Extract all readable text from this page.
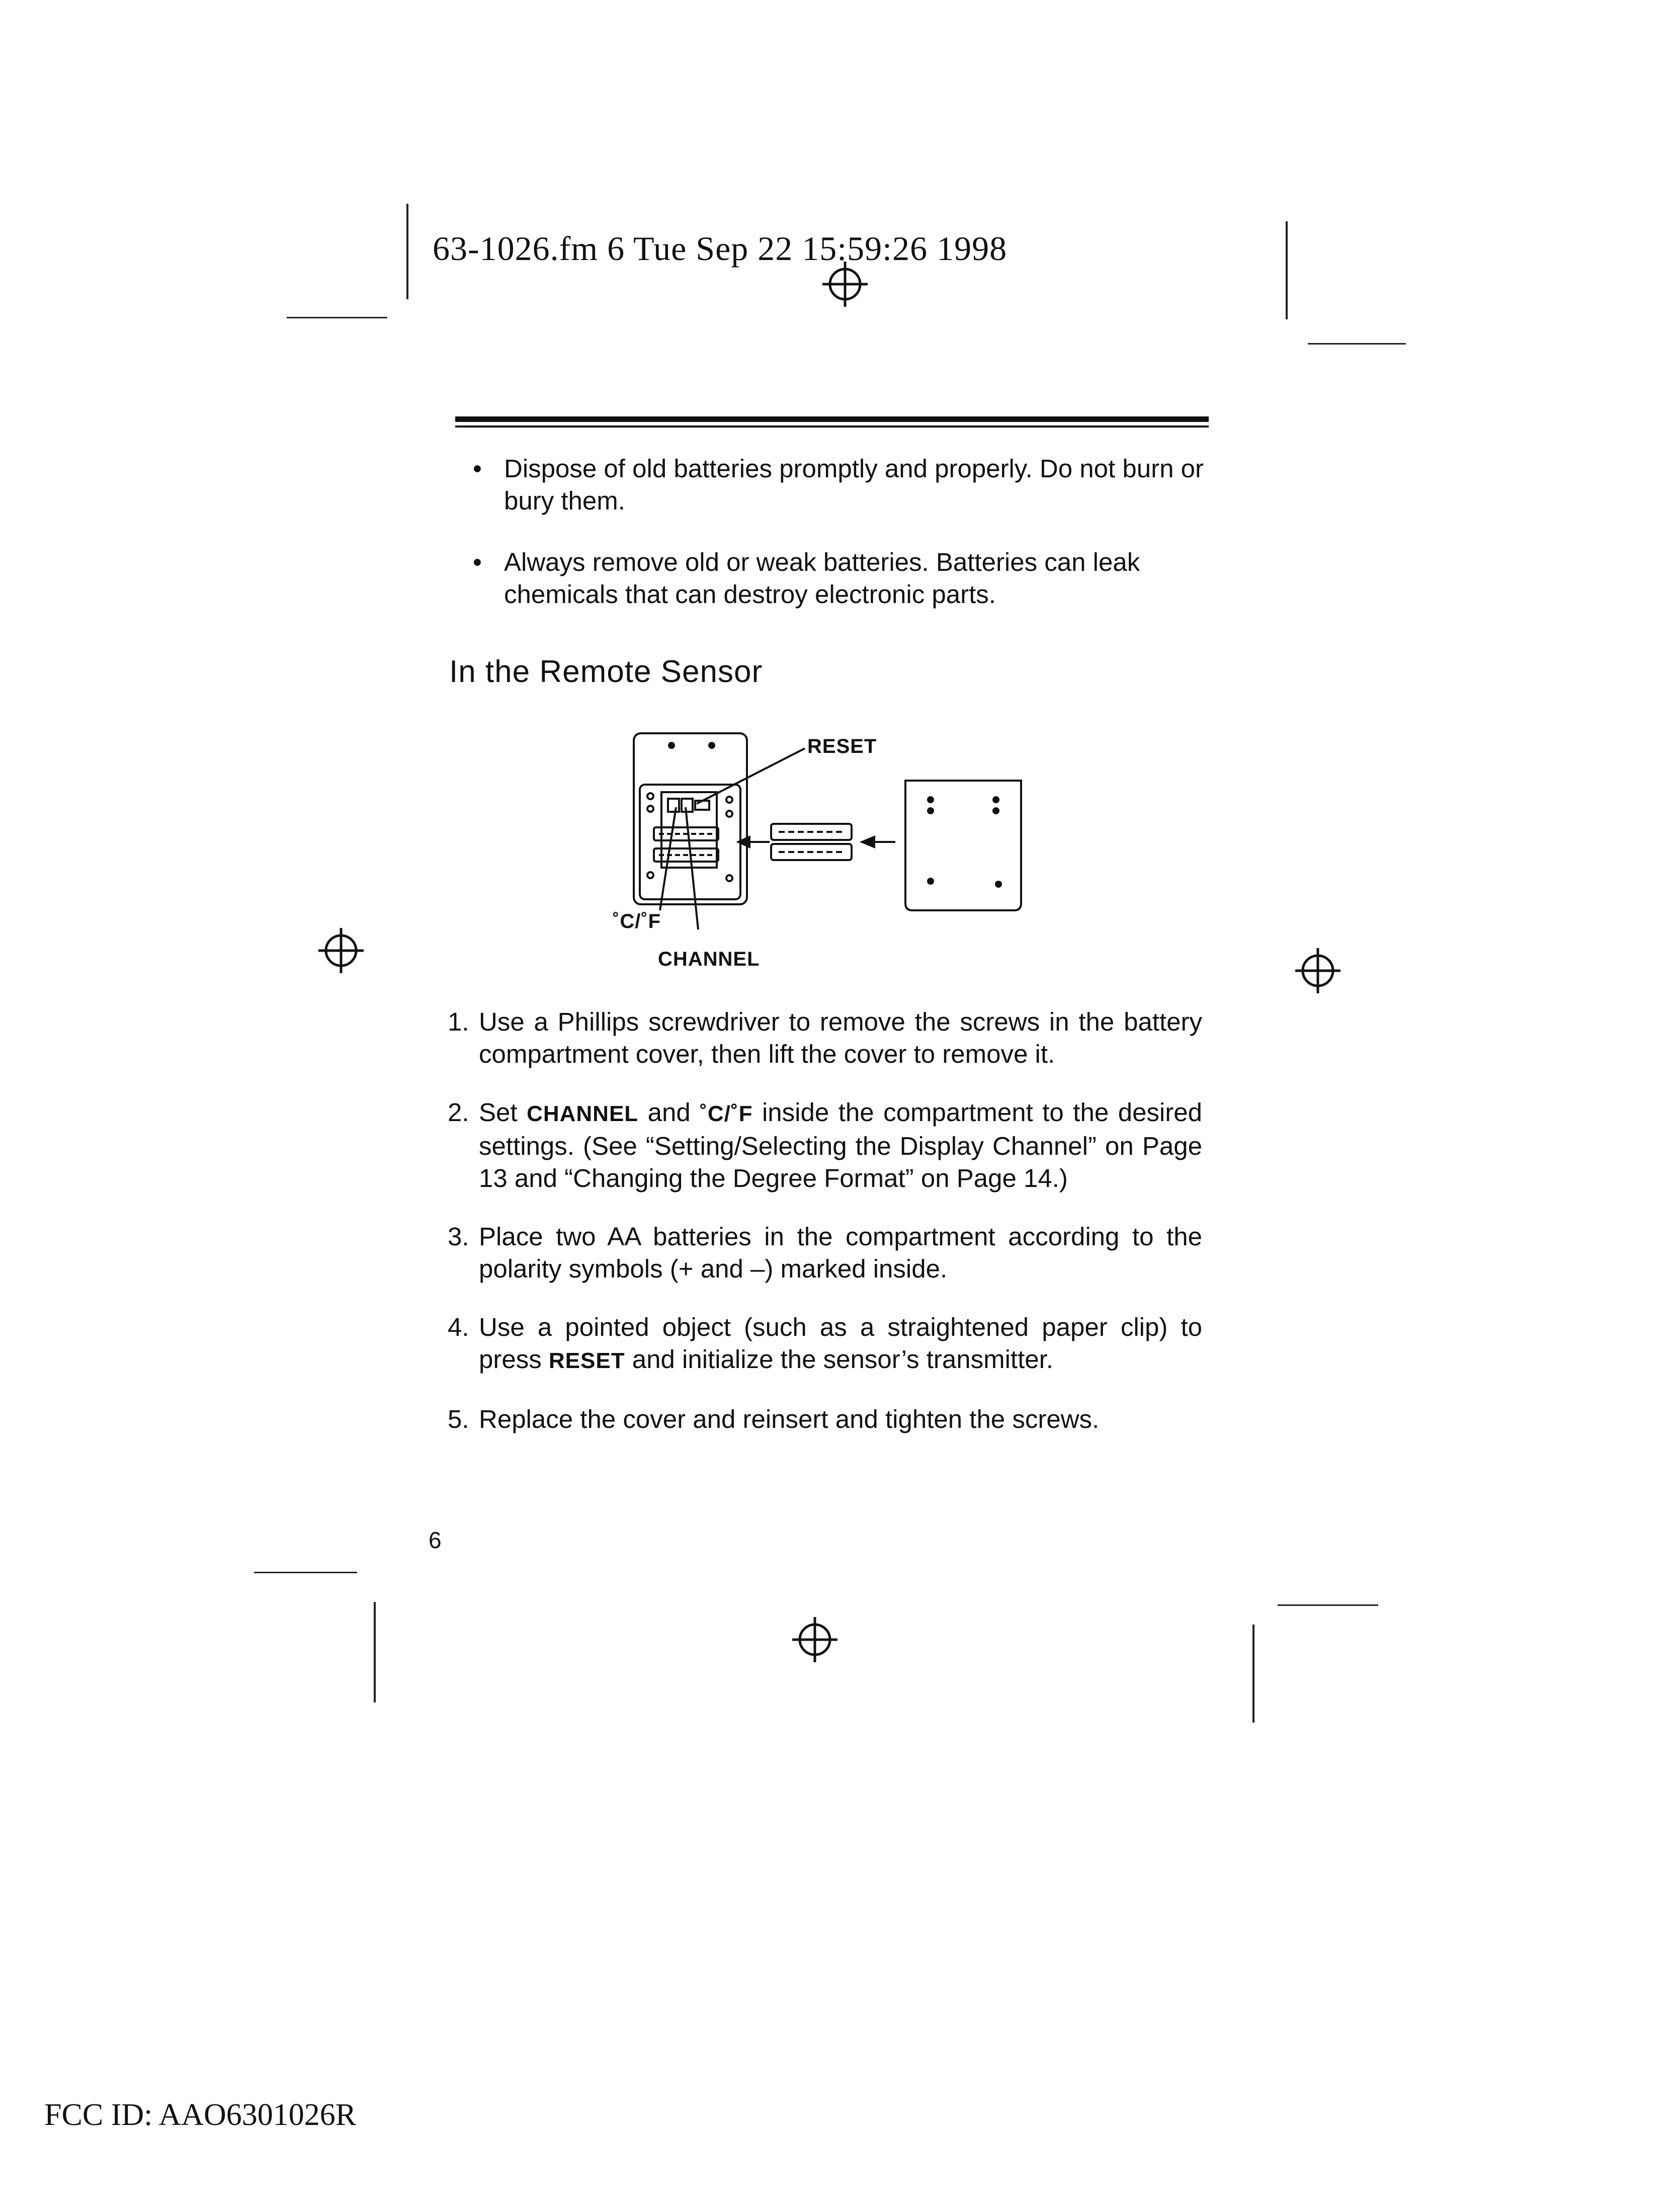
63-1026.fm 6 Tue Sep 22 15:59:26 1998
• Dispose of old batteries promptly and properly. Do not burn or bury them.
• Always remove old or weak batteries. Batteries can leak chemicals that can destroy electronic parts.
In the Remote Sensor
RESET
˚C/˚F
CHANNEL
1. Use a Phillips screwdriver to remove the screws in the battery compartment cover, then lift the cover to remove it.
2. Set CHANNEL and ˚C/˚F inside the compartment to the desired settings. (See “Setting/Selecting the Display Channel” on Page 13 and “Changing the Degree Format” on Page 14.)
3. Place two AA batteries in the compartment according to the polarity symbols (+ and –) marked inside.
4. Use a pointed object (such as a straightened paper clip) to press RESET and initialize the sensor’s transmitter.
5. Replace the cover and reinsert and tighten the screws.
6
FCC ID: AAO6301026R
